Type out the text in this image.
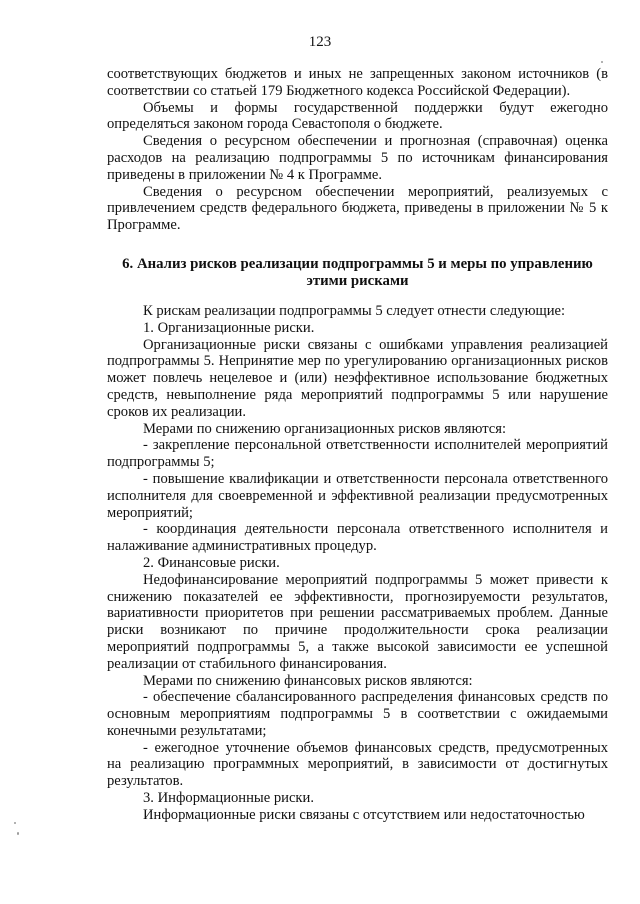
123

соответствующих бюджетов и иных не запрещенных законом источников (в соответствии со статьей 179 Бюджетного кодекса Российской Федерации).

Объемы и формы государственной поддержки будут ежегодно определяться законом города Севастополя о бюджете.

Сведения о ресурсном обеспечении и прогнозная (справочная) оценка расходов на реализацию подпрограммы 5 по источникам финансирования приведены в приложении № 4 к Программе.

Сведения о ресурсном обеспечении мероприятий, реализуемых с привлечением средств федерального бюджета, приведены в приложении № 5 к Программе.

6. Анализ рисков реализации подпрограммы 5 и меры по управлению этими рисками

К рискам реализации подпрограммы 5 следует отнести следующие:

1. Организационные риски.

Организационные риски связаны с ошибками управления реализацией подпрограммы 5. Непринятие мер по урегулированию организационных рисков может повлечь нецелевое и (или) неэффективное использование бюджетных средств, невыполнение ряда мероприятий подпрограммы 5 или нарушение сроков их реализации.

Мерами по снижению организационных рисков являются:

- закрепление персональной ответственности исполнителей мероприятий подпрограммы 5;

- повышение квалификации и ответственности персонала ответственного исполнителя для своевременной и эффективной реализации предусмотренных мероприятий;

- координация деятельности персонала ответственного исполнителя и налаживание административных процедур.

2. Финансовые риски.

Недофинансирование мероприятий подпрограммы 5 может привести к снижению показателей ее эффективности, прогнозируемости результатов, вариативности приоритетов при решении рассматриваемых проблем. Данные риски возникают по причине продолжительности срока реализации мероприятий подпрограммы 5, а также высокой зависимости ее успешной реализации от стабильного финансирования.

Мерами по снижению финансовых рисков являются:

- обеспечение сбалансированного распределения финансовых средств по основным мероприятиям подпрограммы 5 в соответствии с ожидаемыми конечными результатами;

- ежегодное уточнение объемов финансовых средств, предусмотренных на реализацию программных мероприятий, в зависимости от достигнутых результатов.

3. Информационные риски.

Информационные риски связаны с отсутствием или недостаточностью
